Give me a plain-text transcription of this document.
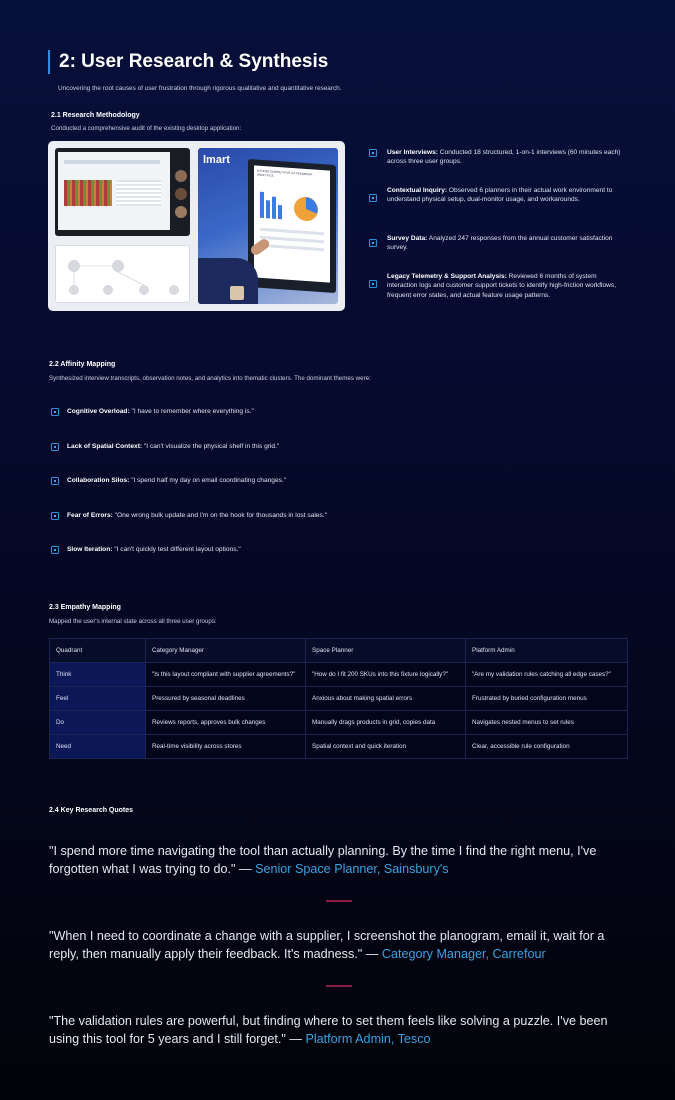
2: User Research & Synthesis
Uncovering the root causes of user frustration through rigorous qualitative and quantitative research.
2.1 Research Methodology
Conducted a comprehensive audit of the existing desktop application:
lmart
EXTEND COMPETITIVE CX FEEDBACK ANALYTICS
User Interviews: Conducted 18 structured, 1-on-1 interviews (60 minutes each) across three user groups.
Contextual Inquiry: Observed 6 planners in their actual work environment to understand physical setup, dual-monitor usage, and workarounds.
Survey Data: Analyzed 247 responses from the annual customer satisfaction survey.
Legacy Telemetry & Support Analysis: Reviewed 6 months of system interaction logs and customer support tickets to identify high-friction workflows, frequent error states, and actual feature usage patterns.
2.2 Affinity Mapping
Synthesized interview transcripts, observation notes, and analytics into thematic clusters. The dominant themes were:
Cognitive Overload: "I have to remember where everything is."
Lack of Spatial Context: "I can't visualize the physical shelf in this grid."
Collaboration Silos: "I spend half my day on email coordinating changes."
Fear of Errors: "One wrong bulk update and I'm on the hook for thousands in lost sales."
Slow Iteration: "I can't quickly test different layout options."
2.3 Empathy Mapping
Mapped the user's internal state across all three user groups:
Quadrant	Category Manager	Space Planner	Platform Admin
Think	"Is this layout compliant with supplier agreements?"	"How do I fit 200 SKUs into this fixture logically?"	"Are my validation rules catching all edge cases?"
Feel	Pressured by seasonal deadlines	Anxious about making spatial errors	Frustrated by buried configuration menus
Do	Reviews reports, approves bulk changes	Manually drags products in grid, copies data	Navigates nested menus to set rules
Need	Real-time visibility across stores	Spatial context and quick iteration	Clear, accessible rule configuration
2.4 Key Research Quotes
"I spend more time navigating the tool than actually planning. By the time I find the right menu, I've forgotten what I was trying to do." — Senior Space Planner, Sainsbury's
"When I need to coordinate a change with a supplier, I screenshot the planogram, email it, wait for a reply, then manually apply their feedback. It's madness." — Category Manager, Carrefour
"The validation rules are powerful, but finding where to set them feels like solving a puzzle. I've been using this tool for 5 years and I still forget." — Platform Admin, Tesco
